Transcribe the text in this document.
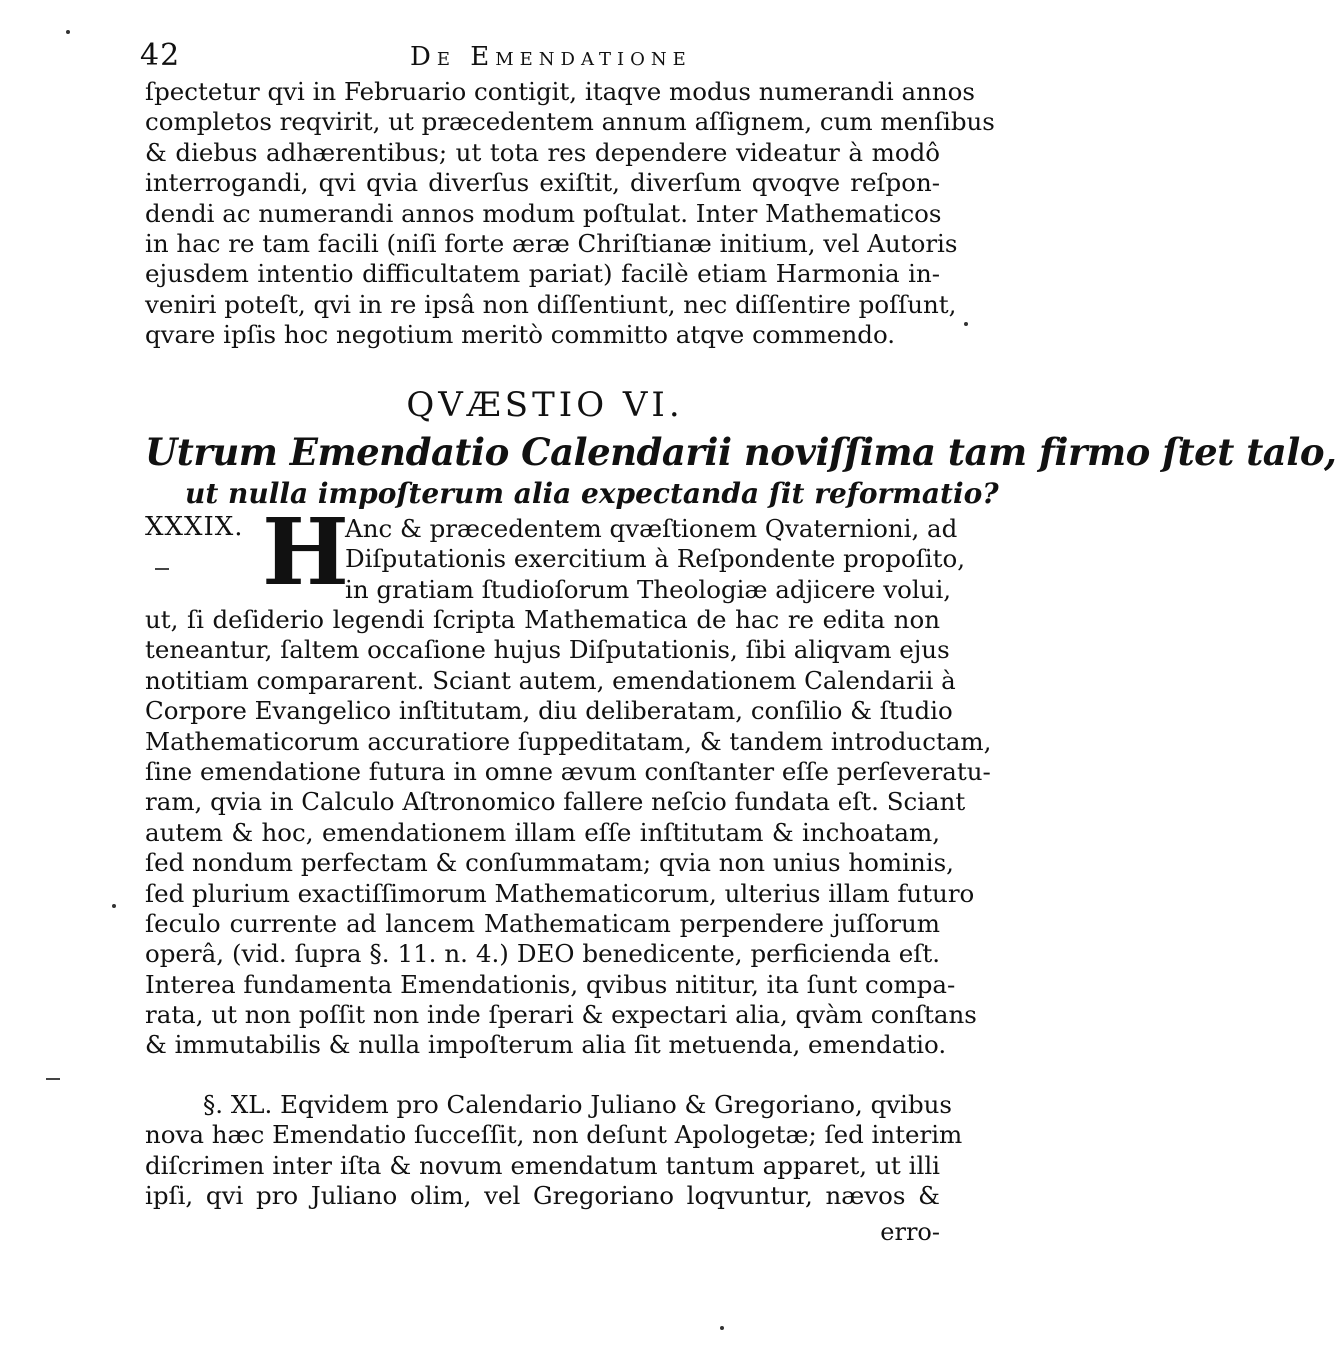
42	De Emendatione
ſpectetur qvi in Februario contigit, itaqve modus numerandi annos
completos reqvirit, ut præcedentem annum aſſignem, cum menſibus
& diebus adhærentibus; ut tota res dependere videatur à modô
interrogandi, qvi qvia diverſus exiſtit, diverſum qvoqve reſpon-
dendi ac numerandi annos modum poſtulat. Inter Mathematicos
in hac re tam facili (niſi forte æræ Chriſtianæ initium, vel Autoris
ejusdem intentio difficultatem pariat) facilè etiam Harmonia in-
veniri poteſt, qvi in re ipsâ non diſſentiunt, nec diſſentire poſſunt,
qvare ipſis hoc negotium meritò committo atqve commendo.
QVÆSTIO VI.
Utrum Emendatio Calendarii noviſſima tam firmo ſtet talo,
ut nulla impoſterum alia expectanda ſit reformatio?
XXXIX. H
Anc & præcedentem qvæſtionem Qvaternioni, ad
Diſputationis exercitium à Reſpondente propoſito,
in gratiam ſtudioſorum Theologiæ adjicere volui,
ut, ſi deſiderio legendi ſcripta Mathematica de hac re edita non
teneantur, ſaltem occaſione hujus Diſputationis, ſibi aliqvam ejus
notitiam compararent. Sciant autem, emendationem Calendarii à
Corpore Evangelico inſtitutam, diu deliberatam, conſilio & ſtudio
Mathematicorum accuratiore ſuppeditatam, & tandem introductam,
ſine emendatione futura in omne ævum conſtanter eſſe perſeveratu-
ram, qvia in Calculo Aſtronomico fallere neſcio fundata eſt. Sciant
autem & hoc, emendationem illam eſſe inſtitutam & inchoatam,
ſed nondum perfectam & conſummatam; qvia non unius hominis,
ſed plurium exactiſſimorum Mathematicorum, ulterius illam futuro
ſeculo currente ad lancem Mathematicam perpendere juſſorum
operâ, (vid. ſupra §. 11. n. 4.) DEO benedicente, perficienda eſt.
Interea fundamenta Emendationis, qvibus nititur, ita ſunt compa-
rata, ut non poſſit non inde ſperari & expectari alia, qvàm conſtans
& immutabilis & nulla impoſterum alia ſit metuenda, emendatio.
§. XL. Eqvidem pro Calendario Juliano & Gregoriano, qvibus
nova hæc Emendatio ſucceſſit, non deſunt Apologetæ; ſed interim
diſcrimen inter iſta & novum emendatum tantum apparet, ut illi
ipſi, qvi pro Juliano olim, vel Gregoriano loqvuntur, nævos &
erro-
